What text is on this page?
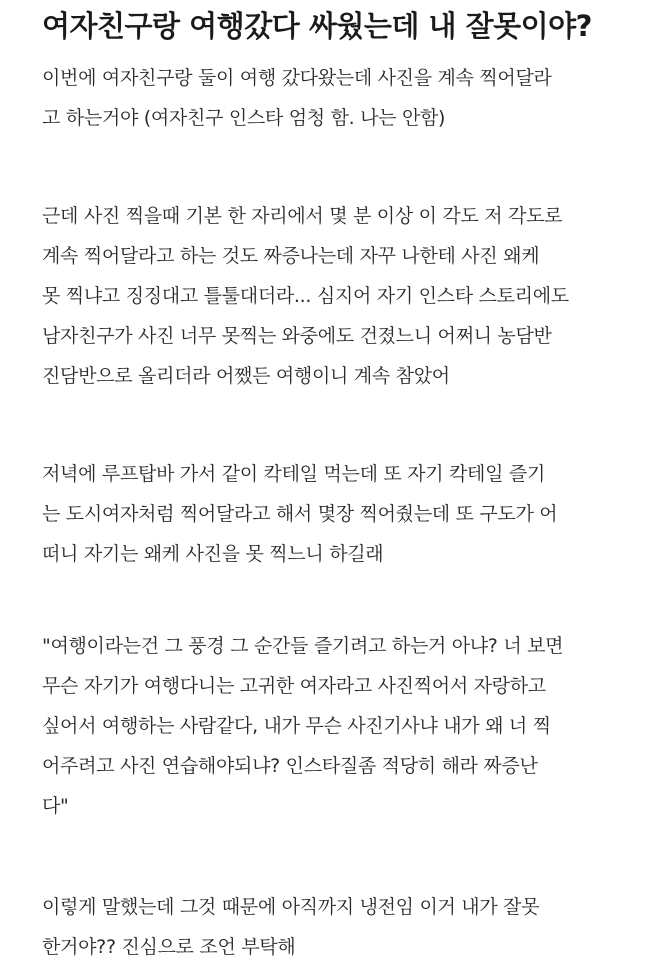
여자친구랑 여행갔다 싸웠는데 내 잘못이야?
이번에 여자친구랑 둘이 여행 갔다왔는데 사진을 계속 찍어달라
고 하는거야 (여자친구 인스타 엄청 함. 나는 안함)
근데 사진 찍을때 기본 한 자리에서 몇 분 이상 이 각도 저 각도로
계속 찍어달라고 하는 것도 짜증나는데 자꾸 나한테 사진 왜케
못 찍냐고 징징대고 틀툴대더라... 심지어 자기 인스타 스토리에도
남자친구가 사진 너무 못찍는 와중에도 건졌느니 어쩌니 농담반
진담반으로 올리더라 어쨌든 여행이니 계속 참았어
저녁에 루프탑바 가서 같이 칵테일 먹는데 또 자기 칵테일 즐기
는 도시여자처럼 찍어달라고 해서 몇장 찍어줬는데 또 구도가 어
떠니 자기는 왜케 사진을 못 찍느니 하길래
"여행이라는건 그 풍경 그 순간들 즐기려고 하는거 아냐? 너 보면
무슨 자기가 여행다니는 고귀한 여자라고 사진찍어서 자랑하고
싶어서 여행하는 사람같다, 내가 무슨 사진기사냐 내가 왜 너 찍
어주려고 사진 연습해야되냐? 인스타질좀 적당히 해라 짜증난
다"
이렇게 말했는데 그것 때문에 아직까지 냉전임 이거 내가 잘못
한거야?? 진심으로 조언 부탁해
